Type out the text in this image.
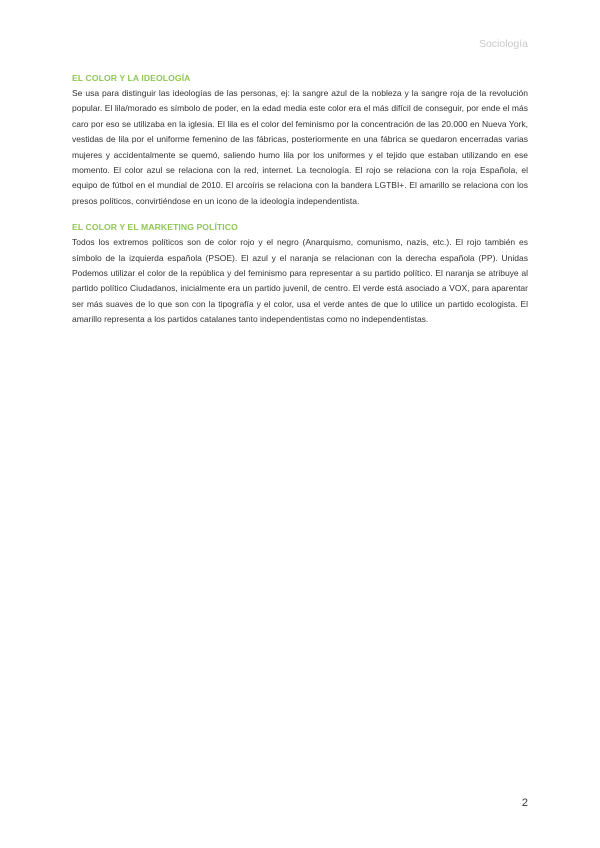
Sociología
EL COLOR Y LA IDEOLOGÍA

Se usa para distinguir las ideologías de las personas, ej: la sangre azul de la nobleza y la sangre roja de la revolución popular. El lila/morado es símbolo de poder, en la edad media este color era el más difícil de conseguir, por ende el más caro por eso se utilizaba en la iglesia. El lila es el color del feminismo por la concentración de las 20.000 en Nueva York, vestidas de lila por el uniforme femenino de las fábricas, posteriormente en una fábrica se quedaron encerradas varias mujeres y accidentalmente se quemó, saliendo humo lila por los uniformes y el tejido que estaban utilizando en ese momento. El color azul se relaciona con la red, internet. La tecnología. El rojo se relaciona con la roja Española, el equipo de fútbol en el mundial de 2010. El arcoíris se relaciona con la bandera LGTBI+. El amarillo se relaciona con los presos políticos, convirtiéndose en un icono de la ideología independentista.

EL COLOR Y EL MARKETING POLÍTICO

Todos los extremos políticos son de color rojo y el negro (Anarquismo, comunismo, nazis, etc.). El rojo también es símbolo de la izquierda española (PSOE). El azul y el naranja se relacionan con la derecha española (PP). Unidas Podemos utilizar el color de la república y del feminismo para representar a su partido político. El naranja se atribuye al partido político Ciudadanos, inicialmente era un partido juvenil, de centro. El verde está asociado a VOX, para aparentar ser más suaves de lo que son con la tipografía y el color, usa el verde antes de que lo utilice un partido ecologista. El amarillo representa a los partidos catalanes tanto independentistas como no independentistas.

2
